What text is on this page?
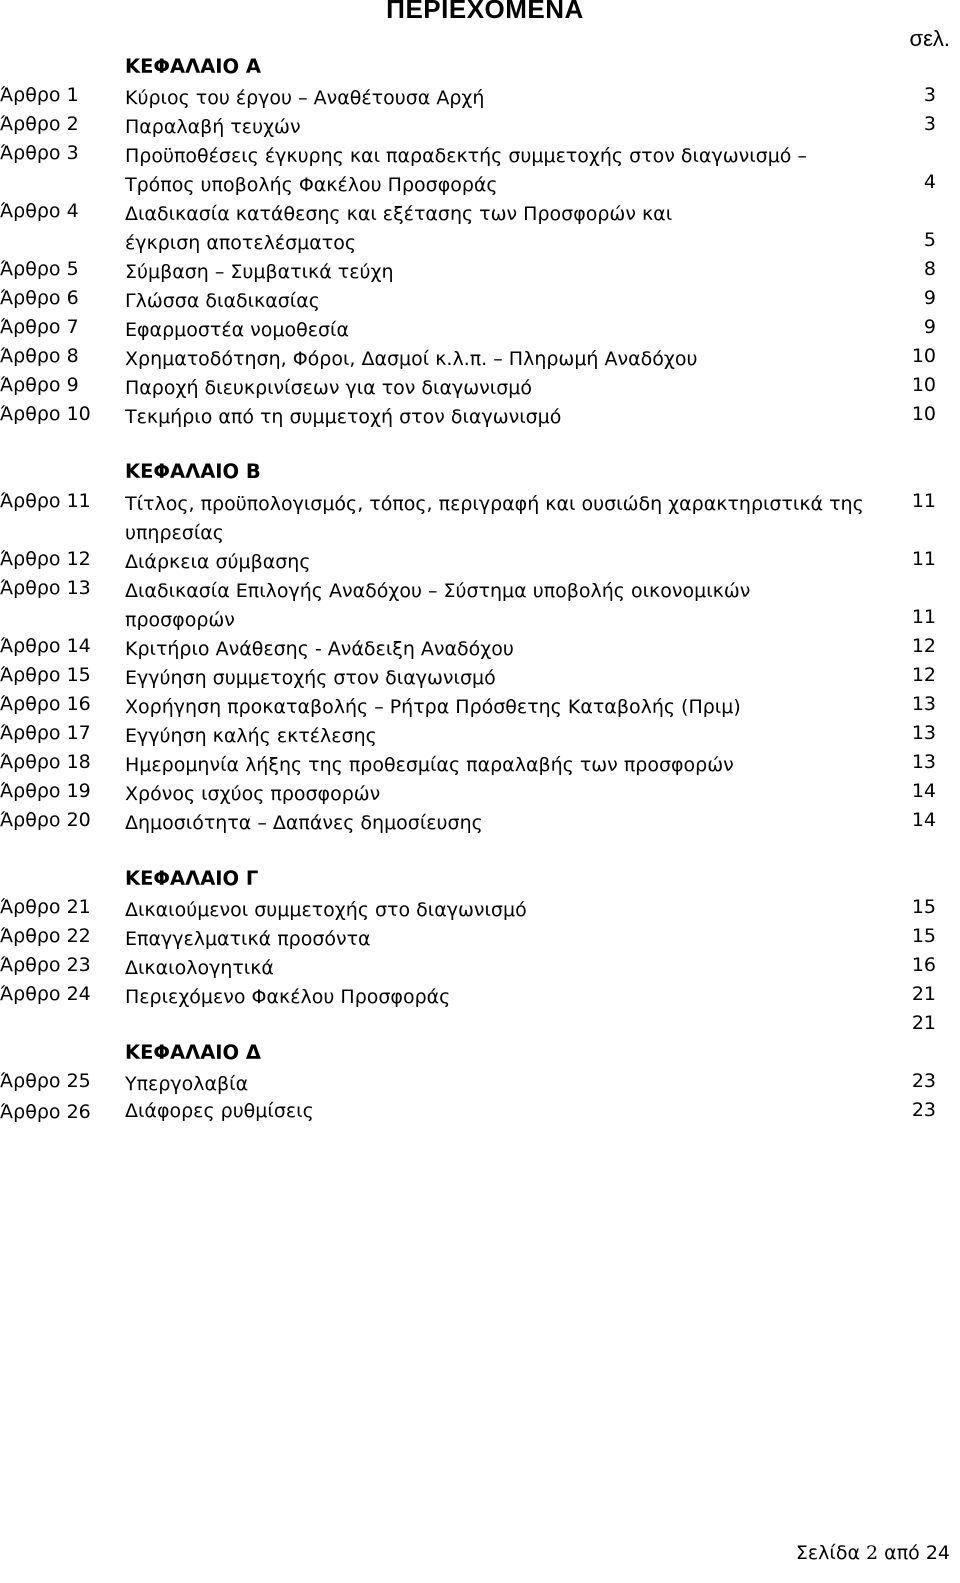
ΠΕΡΙΕΧΟΜΕΝΑ
σελ.
ΚΕΦΑΛΑΙΟ Α
Άρθρο 1 Κύριος του έργου – Αναθέτουσα Αρχή	3
Άρθρο 2 Παραλαβή τευχών	3
Άρθρο 3 Προϋποθέσεις έγκυρης και παραδεκτής συμμετοχής στον διαγωνισμό – Τρόπος υποβολής Φακέλου Προσφοράς	4
Άρθρο 4 Διαδικασία κατάθεσης και εξέτασης των Προσφορών και έγκριση αποτελέσματος	5
Άρθρο 5 Σύμβαση – Συμβατικά τεύχη	8
Άρθρο 6 Γλώσσα διαδικασίας	9
Άρθρο 7 Εφαρμοστέα νομοθεσία	9
Άρθρο 8 Χρηματοδότηση, Φόροι, Δασμοί κ.λ.π. – Πληρωμή Αναδόχου	10
Άρθρο 9 Παροχή διευκρινίσεων για τον διαγωνισμό	10
Άρθρο 10 Τεκμήριο από τη συμμετοχή στον διαγωνισμό	10
ΚΕΦΑΛΑΙΟ Β
Άρθρο 11 Τίτλος, προϋπολογισμός, τόπος, περιγραφή και ουσιώδη χαρακτηριστικά της υπηρεσίας
11
Άρθρο 12 Διάρκεια σύμβασης	11
Άρθρο 13 Διαδικασία Επιλογής Αναδόχου – Σύστημα υποβολής οικονομικών προσφορών	11
Άρθρο 14 Κριτήριο Ανάθεσης - Ανάδειξη Αναδόχου	12
Άρθρο 15 Εγγύηση συμμετοχής στον διαγωνισμό	12
Άρθρο 16 Χορήγηση προκαταβολής – Ρήτρα Πρόσθετης Καταβολής (Πριμ)	13
Άρθρο 17 Εγγύηση καλής εκτέλεσης	13
Άρθρο 18 Ημερομηνία λήξης της προθεσμίας παραλαβής των προσφορών	13
Άρθρο 19 Χρόνος ισχύος προσφορών	14
Άρθρο 20 Δημοσιότητα – Δαπάνες δημοσίευσης	14
ΚΕΦΑΛΑΙΟ Γ
Άρθρο 21 Δικαιούμενοι συμμετοχής στο διαγωνισμό	15
Άρθρο 22 Επαγγελματικά προσόντα	15
Άρθρο 23 Δικαιολογητικά	16
Άρθρο 24 Περιεχόμενο Φακέλου Προσφοράς	21
21
ΚΕΦΑΛΑΙΟ Δ
Άρθρο 25 Υπεργολαβία	23
Άρθρο 26 Διάφορες ρυθμίσεις	23
Σελίδα 2 από 24
